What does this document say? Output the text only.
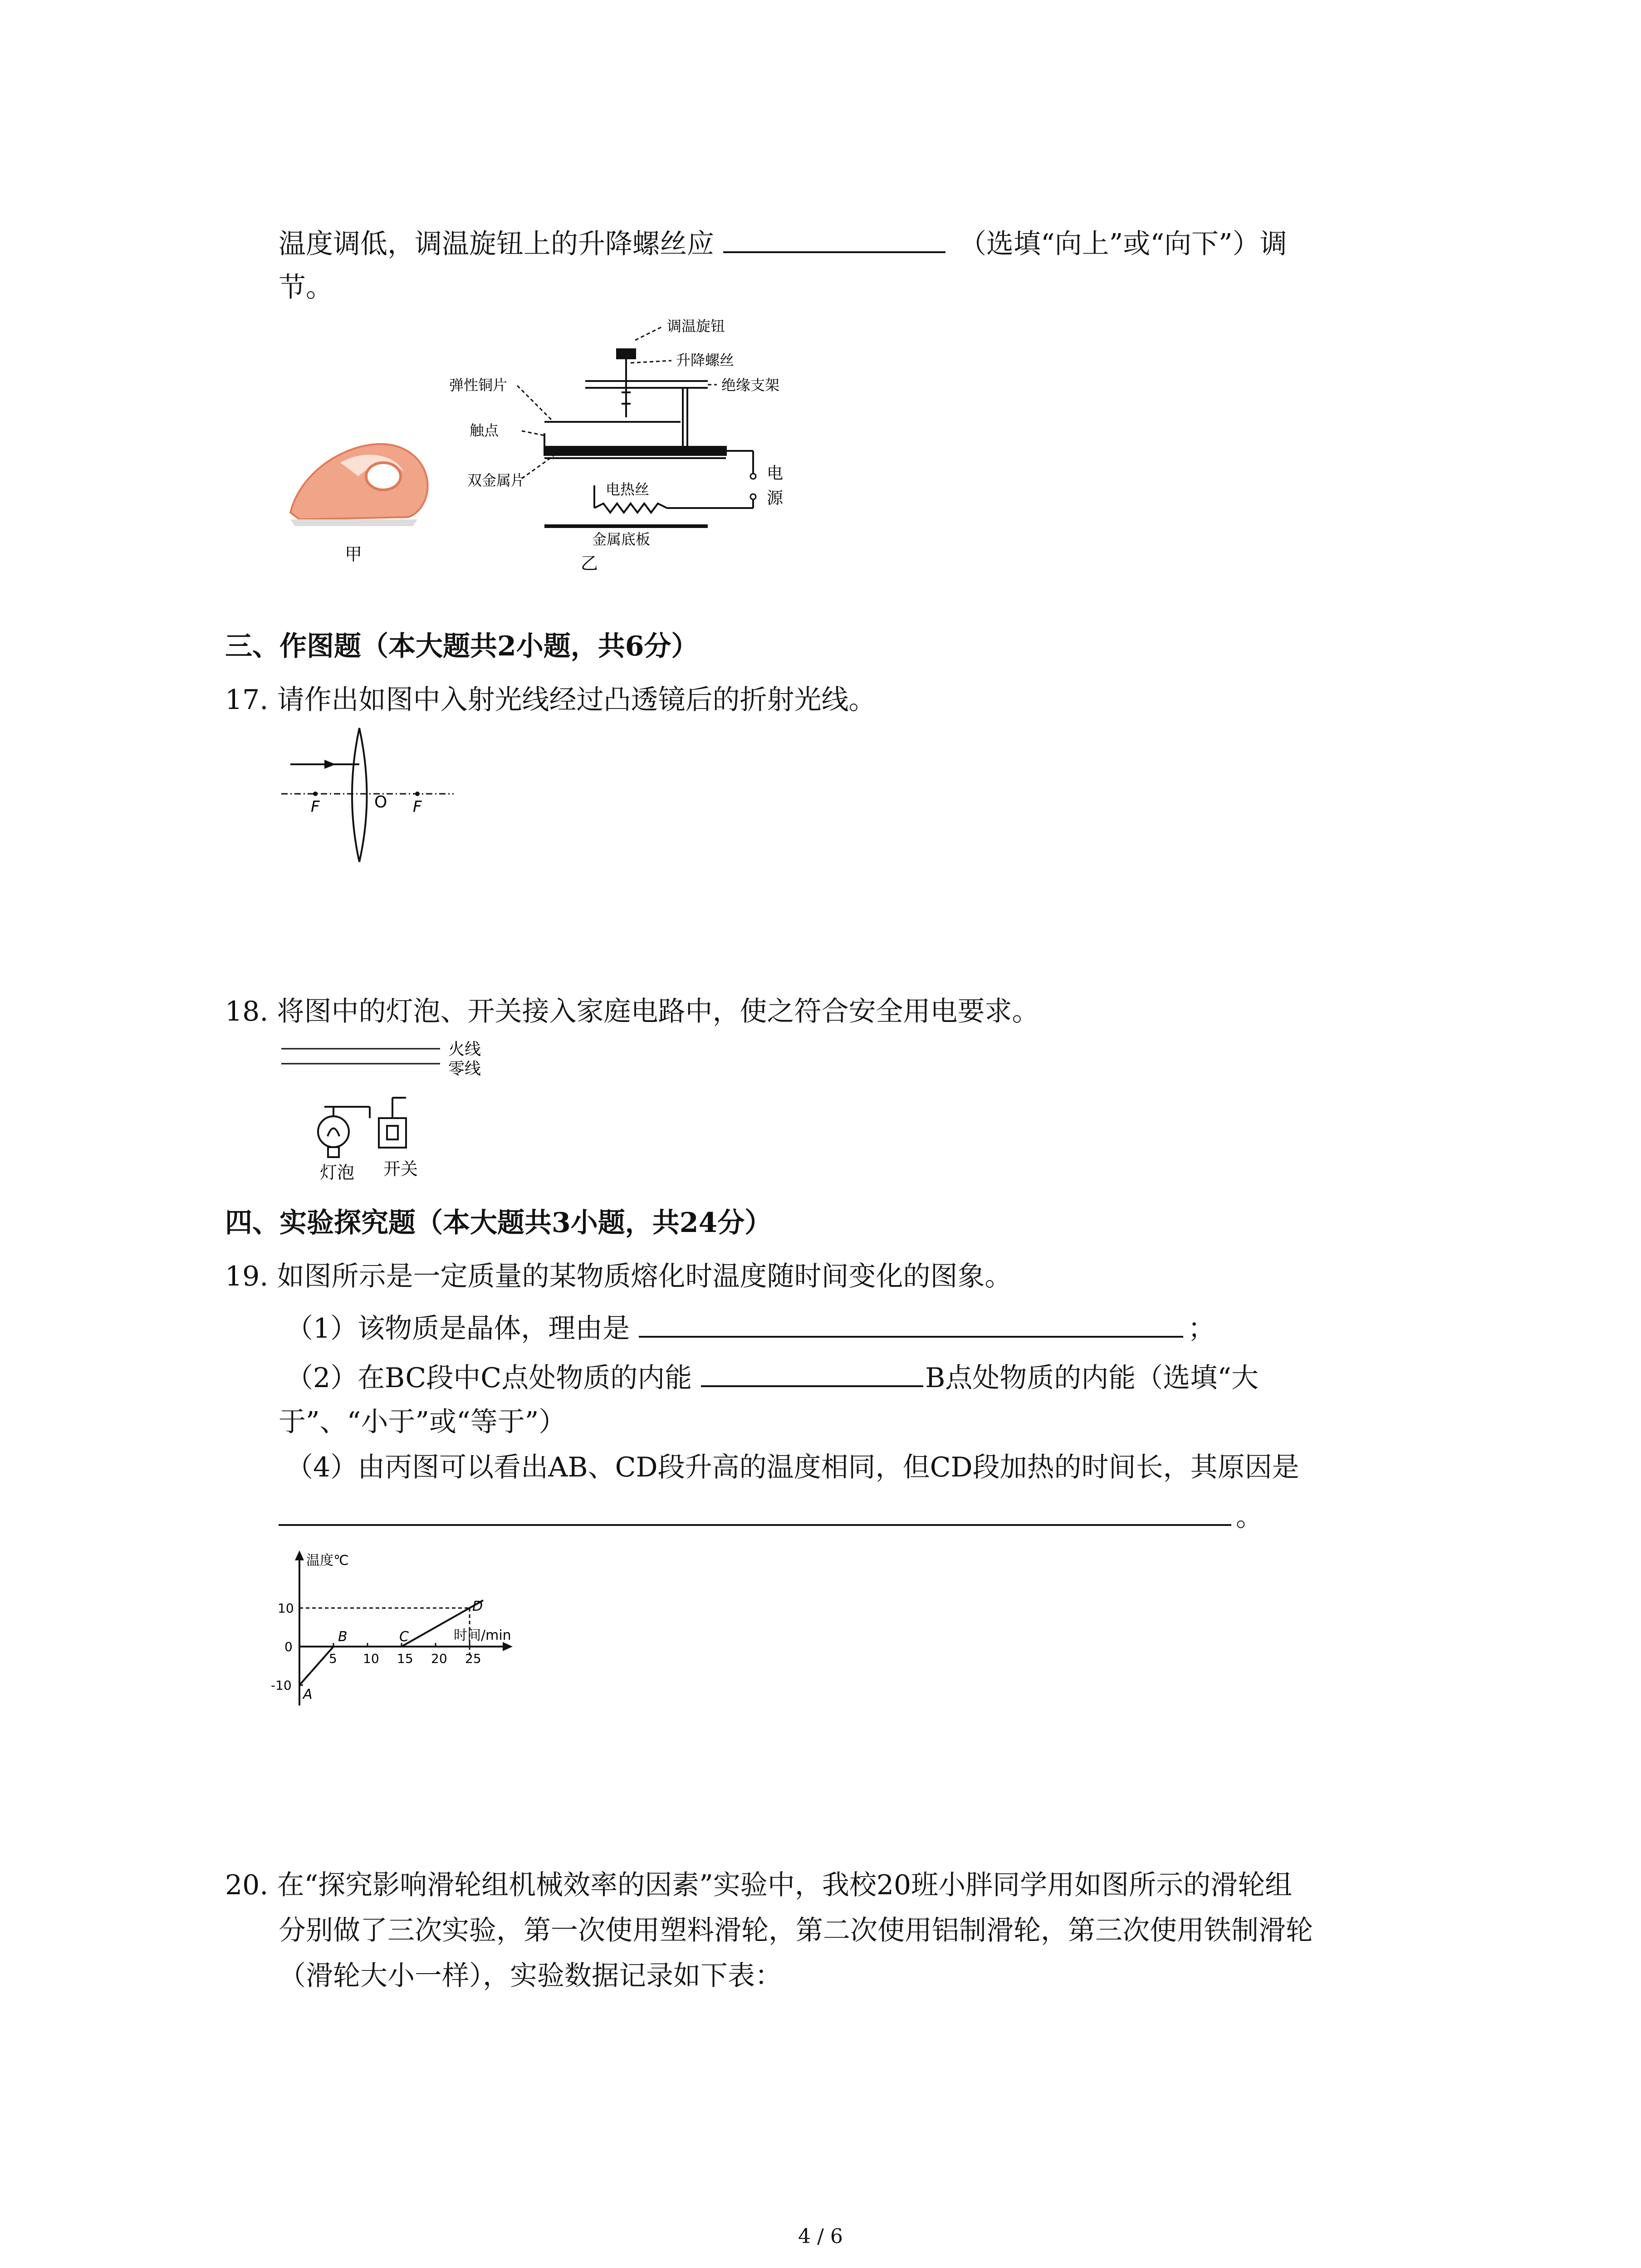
温度调低，调温旋钮上的升降螺丝应	（选填“向上”或“向下”）调
节。
甲
调温旋钮
升降螺丝
绝缘支架
弹性铜片
触点
双金属片
电热丝
电
源
金属底板
乙
三、作图题（本大题共2小题，共6分）
17. 请作出如图中入射光线经过凸透镜后的折射光线。
F	O F
18. 将图中的灯泡、开关接入家庭电路中，使之符合安全用电要求。
火线
零线
灯泡 开关
四、实验探究题（本大题共3小题，共24分）
19. 如图所示是一定质量的某物质熔化时温度随时间变化的图象。
（1）该物质是晶体，理由是	；
（2）在BC段中C点处物质的内能	B点处物质的内能（选填“大
于”、“小于”或“等于”）
（4）由丙图可以看出AB、CD段升高的温度相同，但CD段加热的时间长，其原因是
。
温度℃
时间/min
5 10 15 20 25
10
0
-10
A
B	C
D
20. 在“探究影响滑轮组机械效率的因素”实验中，我校20班小胖同学用如图所示的滑轮组
分别做了三次实验，第一次使用塑料滑轮，第二次使用铝制滑轮，第三次使用铁制滑轮
（滑轮大小一样），实验数据记录如下表：
4 / 6
